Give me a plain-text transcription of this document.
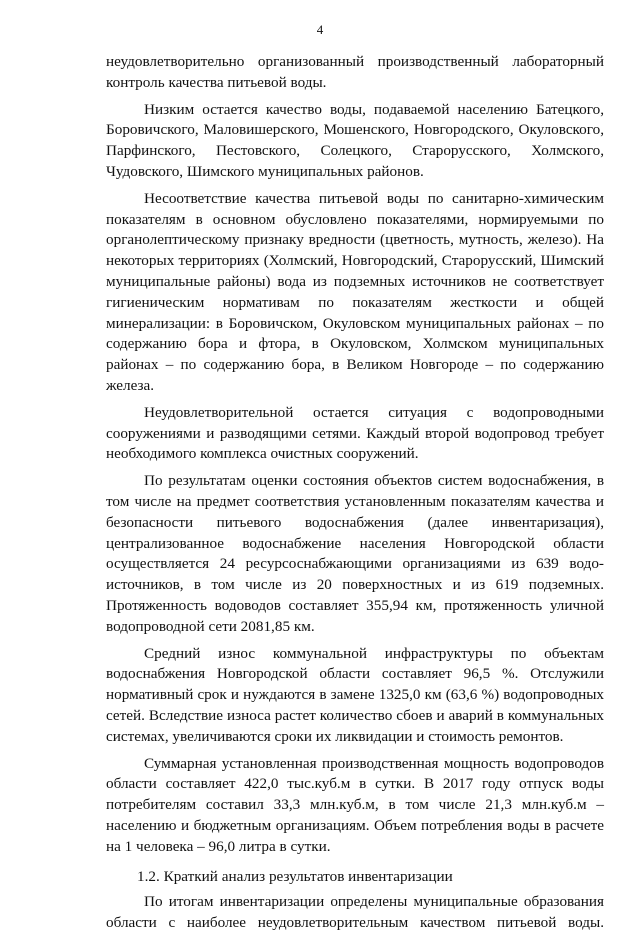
4

неудовлетворительно организованный производственный лабораторный контроль качества питьевой воды.

Низким остается качество воды, подаваемой населению Батецкого, Боровичского, Маловишерского, Мошенского, Новгородского, Окуловского, Парфинского, Пестовского, Солецкого, Старорусского, Холмского, Чудовского, Шимского муниципальных районов.

Несоответствие качества питьевой воды по санитарно-химическим показателям в основном обусловлено показателями, нормируемыми по органолептическому признаку вредности (цветность, мутность, железо). На некоторых территориях (Холмский, Новгородский, Старорусский, Шимский муниципальные районы) вода из подземных источников не соответствует гигиеническим нормативам по показателям жесткости и общей минерализации: в Боровичском, Окуловском муниципальных районах – по содержанию бора и фтора, в Окуловском, Холмском муниципальных районах – по содержанию бора, в Великом Новгороде – по содержанию железа.

Неудовлетворительной остается ситуация с водопроводными сооружениями и разводящими сетями. Каждый второй водопровод требует необходимого комплекса очистных сооружений.

По результатам оценки состояния объектов систем водоснабжения, в том числе на предмет соответствия установленным показателям качества и безопасности питьевого водоснабжения (далее инвентаризация), централизованное водоснабжение населения Новгородской области осуществляется 24 ресурсоснабжающими организациями из 639 водо-источников, в том числе из 20 поверхностных и из 619 подземных. Протяженность водоводов составляет 355,94 км, протяженность уличной водопроводной сети 2081,85 км.

Средний износ коммунальной инфраструктуры по объектам водоснабжения Новгородской области составляет 96,5 %. Отслужили нормативный срок и нуждаются в замене 1325,0 км (63,6 %) водопроводных сетей. Вследствие износа растет количество сбоев и аварий в коммунальных системах, увеличиваются сроки их ликвидации и стоимость ремонтов.

Суммарная установленная производственная мощность водопроводов области составляет 422,0 тыс.куб.м в сутки. В 2017 году отпуск воды потребителям составил 33,3 млн.куб.м, в том числе 21,3 млн.куб.м – населению и бюджетным организациям. Объем потребления воды в расчете на 1 человека – 96,0 литра в сутки.

1.2. Краткий анализ результатов инвентаризации

По итогам инвентаризации определены муниципальные образования области с наиболее неудовлетворительным качеством питьевой воды.
